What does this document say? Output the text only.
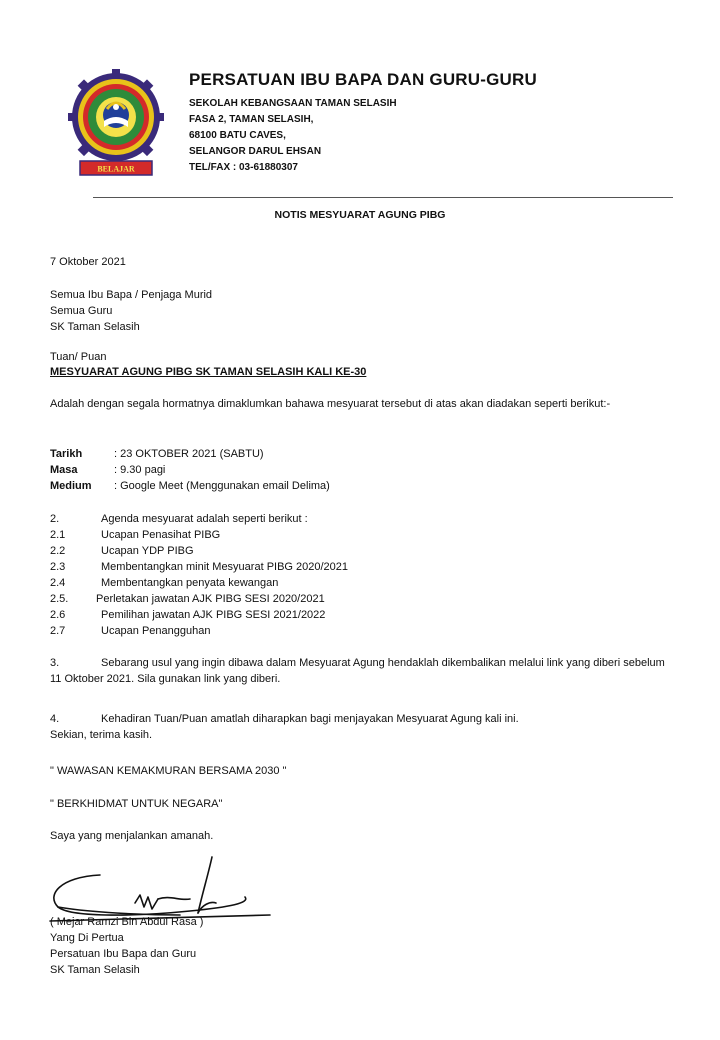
BELAJAR
PERSATUAN IBU BAPA DAN GURU-GURU
SEKOLAH KEBANGSAAN TAMAN SELASIH
FASA 2, TAMAN SELASIH,
68100 BATU CAVES,
SELANGOR DARUL EHSAN
TEL/FAX : 03-61880307
NOTIS MESYUARAT AGUNG PIBG
7 Oktober 2021
Semua Ibu Bapa / Penjaga Murid
Semua Guru
SK Taman Selasih
Tuan/ Puan
MESYUARAT AGUNG PIBG SK TAMAN SELASIH KALI KE-30
Adalah dengan segala hormatnya dimaklumkan bahawa mesyuarat tersebut di atas akan diadakan seperti berikut:-
Tarikh	: 23 OKTOBER 2021 (SABTU)
Masa	: 9.30 pagi
Medium : Google Meet (Menggunakan email Delima)
2.	Agenda mesyuarat adalah seperti berikut :
2.1	Ucapan Penasihat PIBG
2.2	Ucapan YDP PIBG
2.3	Membentangkan minit Mesyuarat PIBG 2020/2021
2.4	Membentangkan penyata kewangan
2.5.	Perletakan jawatan AJK PIBG SESI 2020/2021
2.6	Pemilihan jawatan AJK PIBG SESI 2021/2022
2.7	Ucapan Penangguhan
3.	Sebarang usul yang ingin dibawa dalam Mesyuarat Agung hendaklah dikembalikan melalui link yang diberi sebelum 11 Oktober 2021. Sila gunakan link yang diberi.
4.	Kehadiran Tuan/Puan amatlah diharapkan bagi menjayakan Mesyuarat Agung kali ini.
Sekian, terima kasih.
" WAWASAN KEMAKMURAN BERSAMA 2030 "
" BERKHIDMAT UNTUK NEGARA"
Saya yang menjalankan amanah.
( Mejar Ramzi Bin Abdul Rasa )
Yang Di Pertua
Persatuan Ibu Bapa dan Guru
SK Taman Selasih
